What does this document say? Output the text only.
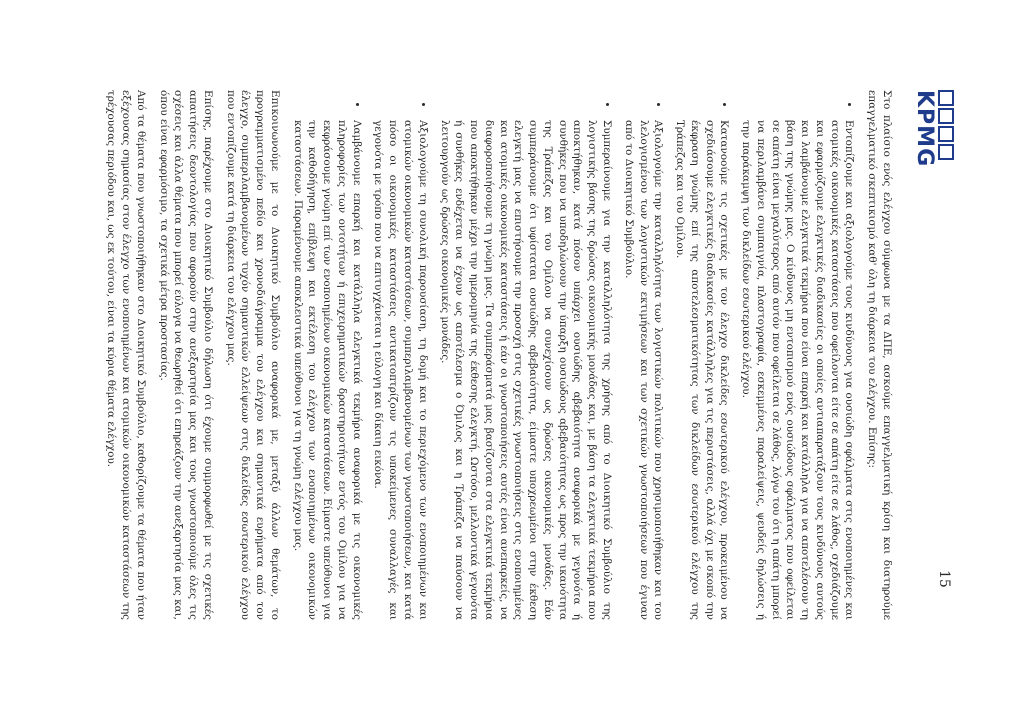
KPMG
15

Στο πλαίσιο ενός ελέγχου σύμφωνα με τα ΔΠΕ, ασκούμε επαγγελματική κρίση και διατηρούμε επαγγελματικό σκεπτικισμό καθ' όλη τη διάρκεια του ελέγχου. Επίσης:

• Εντοπίζουμε και αξιολογούμε τους κινδύνους για ουσιώδη σφάλματα στις ενοποιημένες και ατομικές οικονομικές καταστάσεις που οφείλονται είτε σε απάτη είτε σε λάθος, σχεδιάζουμε και εφαρμόζουμε ελεγκτικές διαδικασίες οι οποίες αντιαπαρατάξουν τους κινδύνους αυτούς και λαμβάνουμε ελεγκτικά τεκμήρια που είναι επαρκή και κατάλληλα για να αποτελέσουν τη βάση της γνώμης μας. Ο κίνδυνος μη εντοπισμού ενός ουσιώδους σφάλματος που οφείλεται σε απάτη είναι μεγαλύτερος από αυτόν που οφείλεται σε λάθος, λόγω του ότι η απάτη μπορεί να περιλαμβάνει συμπαιγνία, πλαστογραφία, εσκεμμένες παραλείψεις, ψευδείς δηλώσεις ή την παράκαμψη των δικλείδων εσωτερικού ελέγχου.
• Κατανοούμε τις σχετικές με τον έλεγχο δικλείδες εσωτερικού ελέγχου, προκειμένου να σχεδιάσουμε ελεγκτικές διαδικασίες κατάλληλες για τις περιστάσεις, αλλά όχι με σκοπό την έκφραση γνώμης επί της αποτελεσματικότητας των δικλείδων εσωτερικού ελέγχου της Τράπεζας και του Ομίλου.
• Αξιολογούμε την καταλληλότητα των λογιστικών πολιτικών που χρησιμοποιήθηκαν και του λελογισμένου των λογιστικών εκτιμήσεων και των σχετικών γνωστοποιήσεων που έγιναν από το Διοικητικό Συμβούλιο.
• Συμπεραίνουμε για την καταλληλότητα της χρήσης από το Διοικητικό Συμβούλιο της λογιστικής βάσης της δρώσας οικονομικής μονάδας και, με βάση τα ελεγκτικά τεκμήρια που αποκτήθηκαν, κατά πόσον υπάρχει ουσιώδης αβεβαιότητα αναφορικά με γεγονότα ή συνθήκες που να υποδηλώνουν την ύπαρξη ουσιώδους αβεβαιότητας ως προς την ικανότητα της Τράπεζας και του Ομίλου να συνεχίσουν ως δρώσες οικονομικές μονάδες. Εάν συμπεράνουμε ότι υφίσταται ουσιώδης αβεβαιότητα, είμαστε υποχρεωμένοι στην έκθεση ελεγκτή μας να επιστήσουμε την προσοχή στις σχετικές γνωστοποιήσεις στις ενοποιημένες και ατομικές οικονομικές καταστάσεις ή εάν οι γνωστοποιήσεις αυτές είναι ανεπαρκείς, να διαφοροποιήσουμε τη γνώμη μας. Τα συμπεράσματά μας βασίζονται στα ελεγκτικά τεκμήρια που αποκτήθηκαν μέχρι την ημερομηνία της έκθεσης ελεγκτή. Ωστόσο, μελλοντικά γεγονότα ή συνθήκες ενδέχεται να έχουν ως αποτέλεσμα ο Όμιλος και η Τράπεζα να παύσουν να λειτουργούν ως δρώσες οικονομικές μονάδες.
• Αξιολογούμε τη συνολική παρουσίαση, τη δομή και το περιεχόμενο των ενοποιημένων και ατομικών οικονομικών καταστάσεων, συμπεριλαμβανομένων των γνωστοποιήσεων, και κατά πόσο οι οικονομικές καταστάσεις αντικατοπτρίζουν τις υποκείμενες συναλλαγές και γεγονότα με τρόπο που να επιτυγχάνεται η εύλογη και δίκαιη εικόνα.
• Λαμβάνουμε επαρκή και κατάλληλα ελεγκτικά τεκμήρια αναφορικά με τις οικονομικές πληροφορίες των οντοτήτων ή επιχειρηματικών δραστηριοτήτων εντός του Ομίλου για να εκφράσουμε γνώμη επί των ενοποιημένων οικονομικών καταστάσεων. Είμαστε υπεύθυνοι για την καθοδήγηση, επίβλεψη και εκτέλεση του ελέγχου των ενοποιημένων οικονομικών καταστάσεων. Παραμένουμε αποκλειστικά υπεύθυνοι για τη γνώμη ελέγχου μας.

Επικοινωνούμε με το Διοικητικό Συμβούλιο αναφορικά με, μεταξύ άλλων θεμάτων, το προγραμματισμένο πεδίο και χρονοδιάγραμμα του ελέγχου και σημαντικά ευρήματα από τον έλεγχο, συμπεριλαμβανομένων τυχόν σημαντικών ελλείψεων στις δικλείδες εσωτερικού ελέγχου που εντοπίζουμε κατά τη διάρκεια του ελέγχου μας.

Επίσης, παρέχουμε στο Διοικητικό Συμβούλιο δήλωση ότι έχουμε συμμορφωθεί με τις σχετικές απαιτήσεις δεοντολογίας που αφορούν στην ανεξαρτησία μας και τους γνωστοποιούμε όλες τις σχέσεις και άλλα θέματα που μπορεί εύλογα να θεωρηθεί ότι επηρεάζουν την ανεξαρτησία μας και, όπου είναι εφαρμόσιμο, τα σχετικά μέτρα προστασίας.

Από τα θέματα που γνωστοποιήθηκαν στο Διοικητικό Συμβούλιο, καθορίζουμε τα θέματα που ήταν εξέχουσας σημασίας στον έλεγχο των ενοποιημένων και ατομικών οικονομικών καταστάσεων της τρέχουσας περιόδου και, ως εκ τούτου, είναι τα κύρια θέματα ελέγχου.
